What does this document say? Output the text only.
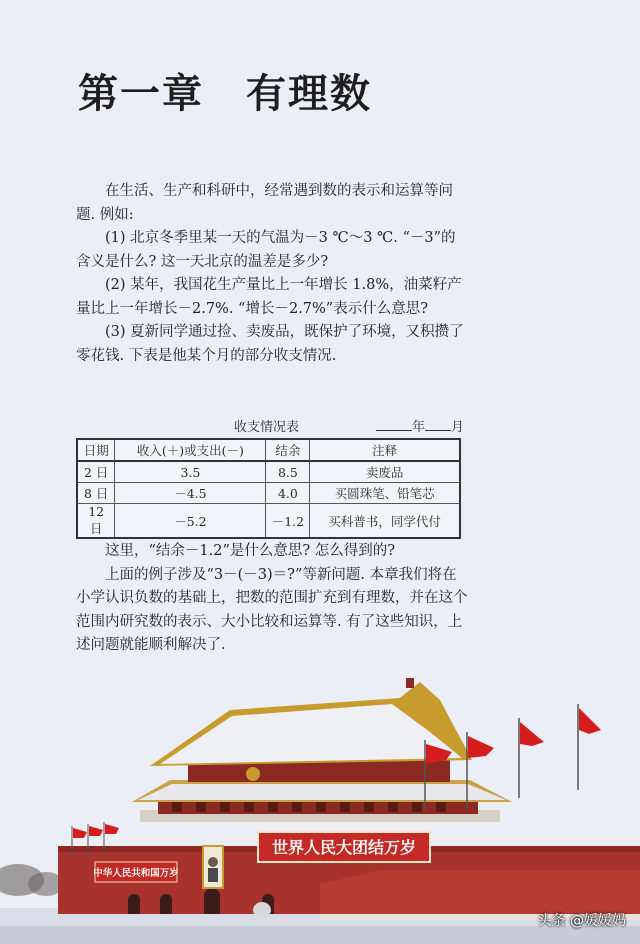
第一章　有理数

在生活、生产和科研中，经常遇到数的表示和运算等问题. 例如:

(1) 北京冬季里某一天的气温为－3 ℃～3 ℃. “－3”的含义是什么? 这一天北京的温差是多少?

(2) 某年，我国花生产量比上一年增长 1.8%，油菜籽产量比上一年增长－2.7%. “增长－2.7%”表示什么意思?

(3) 夏新同学通过捡、卖废品，既保护了环境，又积攒了零花钱. 下表是他某个月的部分收支情况.

收支情况表	年 月
日期	收入(＋)或支出(－)	结余	注释
2 日	3.5	8.5	卖废品
8 日	－4.5	4.0	买圆珠笔、铅笔芯
12 日	－5.2	－1.2	买科普书，同学代付

这里，“结余－1.2”是什么意思? 怎么得到的?

上面的例子涉及“3－(－3)＝?”等新问题. 本章我们将在小学认识负数的基础上，把数的范围扩充到有理数，并在这个范围内研究数的表示、大小比较和运算等. 有了这些知识，上述问题就能顺利解决了.

中华人民共和国万岁
世界人民大团结万岁
头条 @媛媛妈
